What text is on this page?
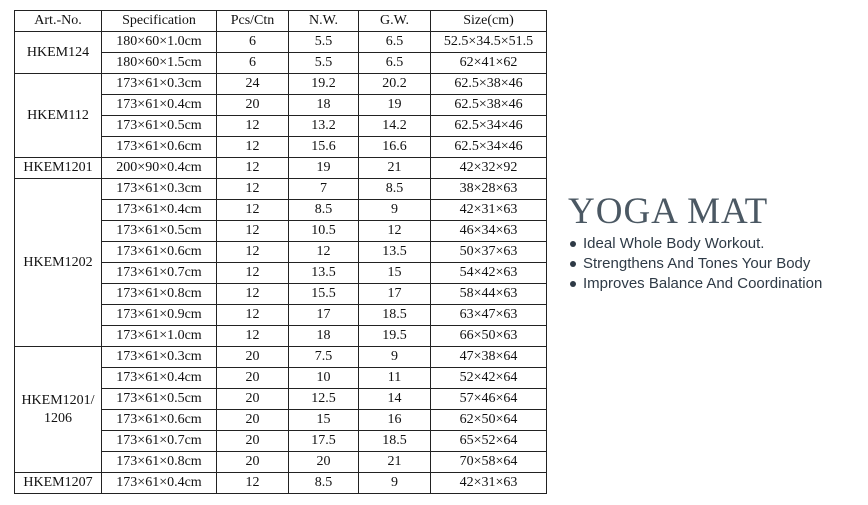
Art.-No.	Specification	Pcs/Ctn	N.W.	G.W.	Size(cm)
HKEM124	180×60×1.0cm	6	5.5	6.5	52.5×34.5×51.5
	180×60×1.5cm	6	5.5	6.5	62×41×62
HKEM112	173×61×0.3cm	24	19.2	20.2	62.5×38×46
	173×61×0.4cm	20	18	19	62.5×38×46
	173×61×0.5cm	12	13.2	14.2	62.5×34×46
	173×61×0.6cm	12	15.6	16.6	62.5×34×46
HKEM1201	200×90×0.4cm	12	19	21	42×32×92
HKEM1202	173×61×0.3cm	12	7	8.5	38×28×63
	173×61×0.4cm	12	8.5	9	42×31×63
	173×61×0.5cm	12	10.5	12	46×34×63
	173×61×0.6cm	12	12	13.5	50×37×63
	173×61×0.7cm	12	13.5	15	54×42×63
	173×61×0.8cm	12	15.5	17	58×44×63
	173×61×0.9cm	12	17	18.5	63×47×63
	173×61×1.0cm	12	18	19.5	66×50×63
HKEM1201/ 1206	173×61×0.3cm	20	7.5	9	47×38×64
	173×61×0.4cm	20	10	11	52×42×64
	173×61×0.5cm	20	12.5	14	57×46×64
	173×61×0.6cm	20	15	16	62×50×64
	173×61×0.7cm	20	17.5	18.5	65×52×64
	173×61×0.8cm	20	20	21	70×58×64
HKEM1207	173×61×0.4cm	12	8.5	9	42×31×63
YOGA MAT
Ideal Whole Body Workout.
Strengthens And Tones Your Body
Improves Balance And Coordination
